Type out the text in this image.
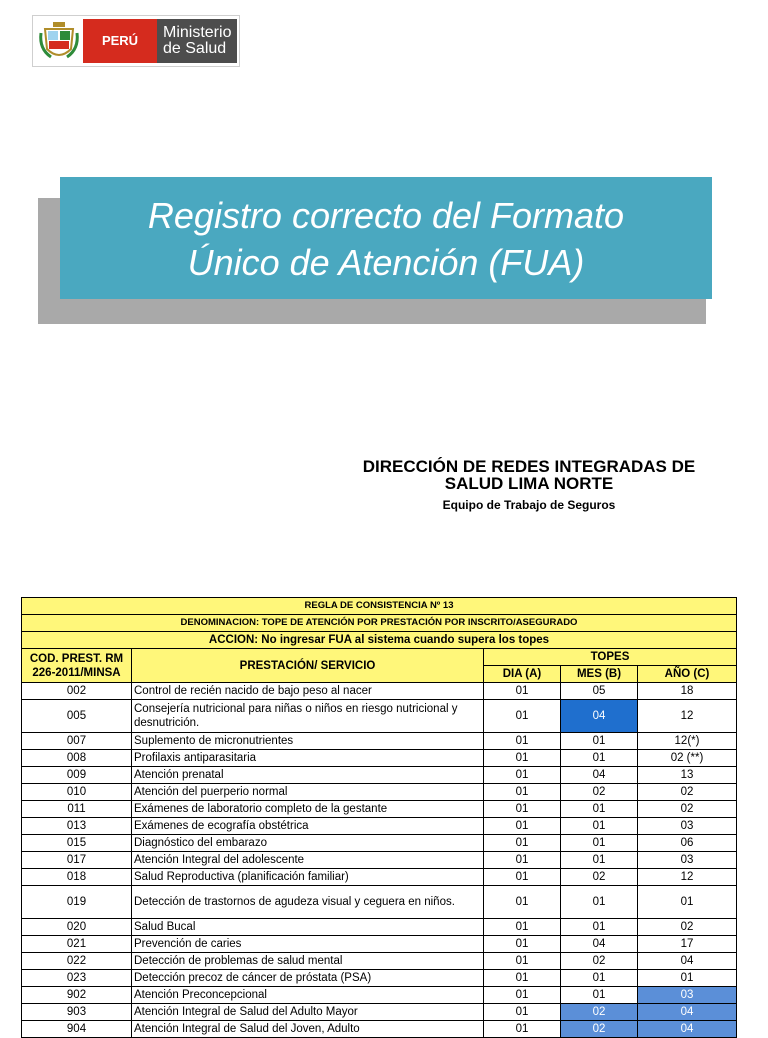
PERÚ	Ministerio
de Salud
Registro correcto del Formato
Único de Atención (FUA)
DIRECCIÓN DE REDES INTEGRADAS DE
SALUD LIMA NORTE
Equipo de Trabajo de Seguros
REGLA DE CONSISTENCIA Nº 13				
DENOMINACION: TOPE DE ATENCIÓN POR PRESTACIÓN POR INSCRITO/ASEGURADO				
ACCION: No ingresar FUA al sistema cuando supera los topes				

COD. PREST. RM
226-2011/MINSA	PRESTACIÓN/ SERVICIO	TOPES		
		DIA (A)	MES (B)	AÑO (C)
002	Control de recién nacido de bajo peso al nacer	01	05	18
005	Consejería nutricional para niñas o niños en riesgo nutricional y desnutrición.	01	04	12
007	Suplemento de micronutrientes	01	01	12(*)
008	Profilaxis antiparasitaria	01	01	02 (**)
009	Atención prenatal	01	04	13
010	Atención del puerperio normal	01	02	02
011	Exámenes de laboratorio completo de la gestante	01	01	02
013	Exámenes de ecografía obstétrica	01	01	03
015	Diagnóstico del embarazo	01	01	06
017	Atención Integral del adolescente	01	01	03
018	Salud Reproductiva (planificación familiar)	01	02	12
019	Detección de trastornos de agudeza visual y ceguera en niños.	01	01	01
020	Salud Bucal	01	01	02
021	Prevención de caries	01	04	17
022	Detección de problemas de salud mental	01	02	04
023	Detección precoz de cáncer de próstata (PSA)	01	01	01
902	Atención Preconcepcional	01	01	03
903	Atención Integral de Salud del Adulto Mayor	01	02	04
904	Atención Integral de Salud del Joven, Adulto	01	02	04
